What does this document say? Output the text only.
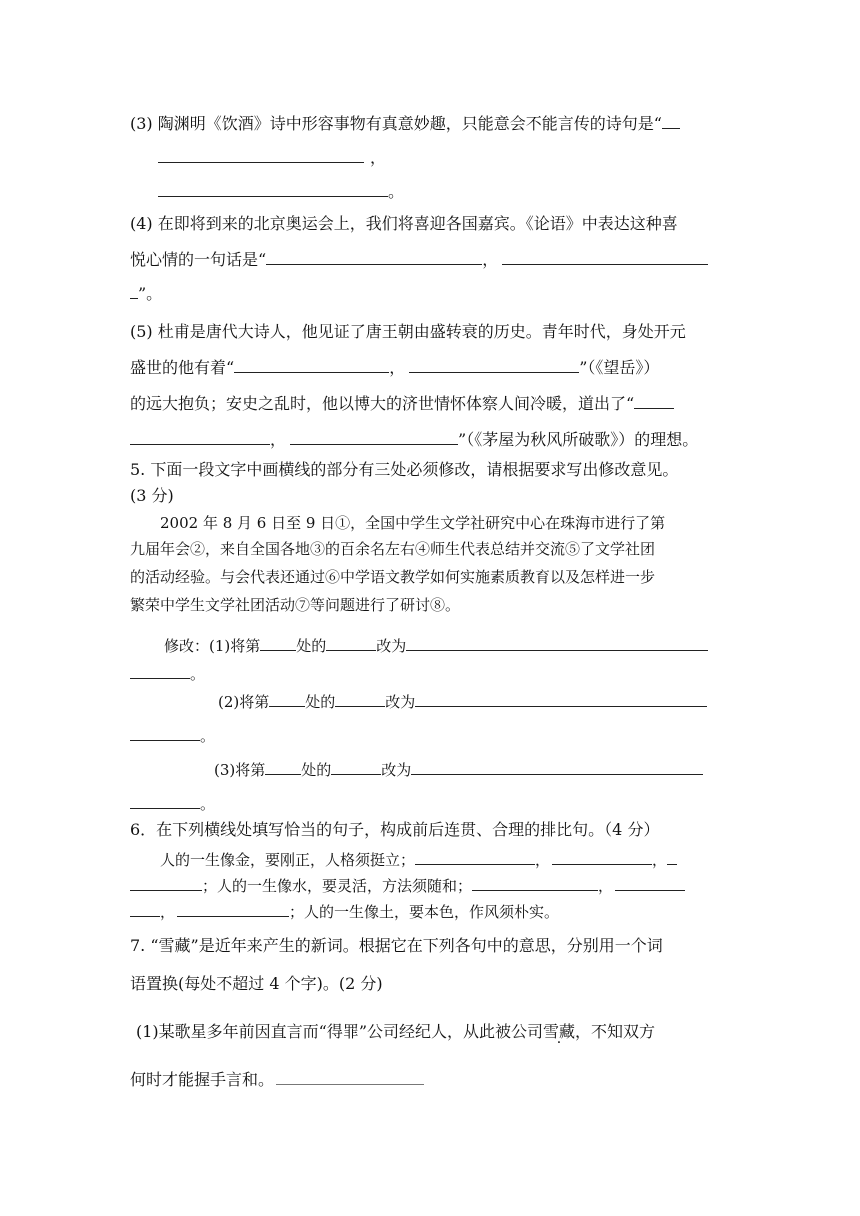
(3) 陶渊明《饮酒》诗中形容事物有真意妙趣，只能意会不能言传的诗句是“
，
。
(4) 在即将到来的北京奥运会上，我们将喜迎各国嘉宾。《论语》中表达这种喜
悦心情的一句话是“	，
”。
(5) 杜甫是唐代大诗人，他见证了唐王朝由盛转衰的历史。青年时代，身处开元
盛世的他有着“	，	”（《望岳》）
的远大抱负；安史之乱时，他以博大的济世情怀体察人间冷暖，道出了“
，	”（《茅屋为秋风所破歌》）的理想。
5. 下面一段文字中画横线的部分有三处必须修改，请根据要求写出修改意见。
(3 分)
2002 年 8 月 6 日至 9 日①，全国中学生文学社研究中心在珠海市进行了第
九届年会②，来自全国各地③的百余名左右④师生代表总结并交流⑤了文学社团
的活动经验。与会代表还通过⑥中学语文教学如何实施素质教育以及怎样进一步
繁荣中学生文学社团活动⑦等问题进行了研讨⑧。
修改：(1)将第 处的	改为
。
(2)将第 处的	改为
。
(3)将第 处的	改为
。
6．在下列横线处填写恰当的句子，构成前后连贯、合理的排比句。（4 分）
人的一生像金，要刚正，人格须挺立；	，	，
；人的一生像水，要灵活，方法须随和；	，
，	；人的一生像土，要本色，作风须朴实。
7. “雪藏”是近年来产生的新词。根据它在下列各句中的意思，分别用一个词
语置换(每处不超过 4 个字)。(2 分)
(1)某歌星多年前因直言而“得罪”公司经纪人，从此被公司雪藏，不知双方
何时才能握手言和。
